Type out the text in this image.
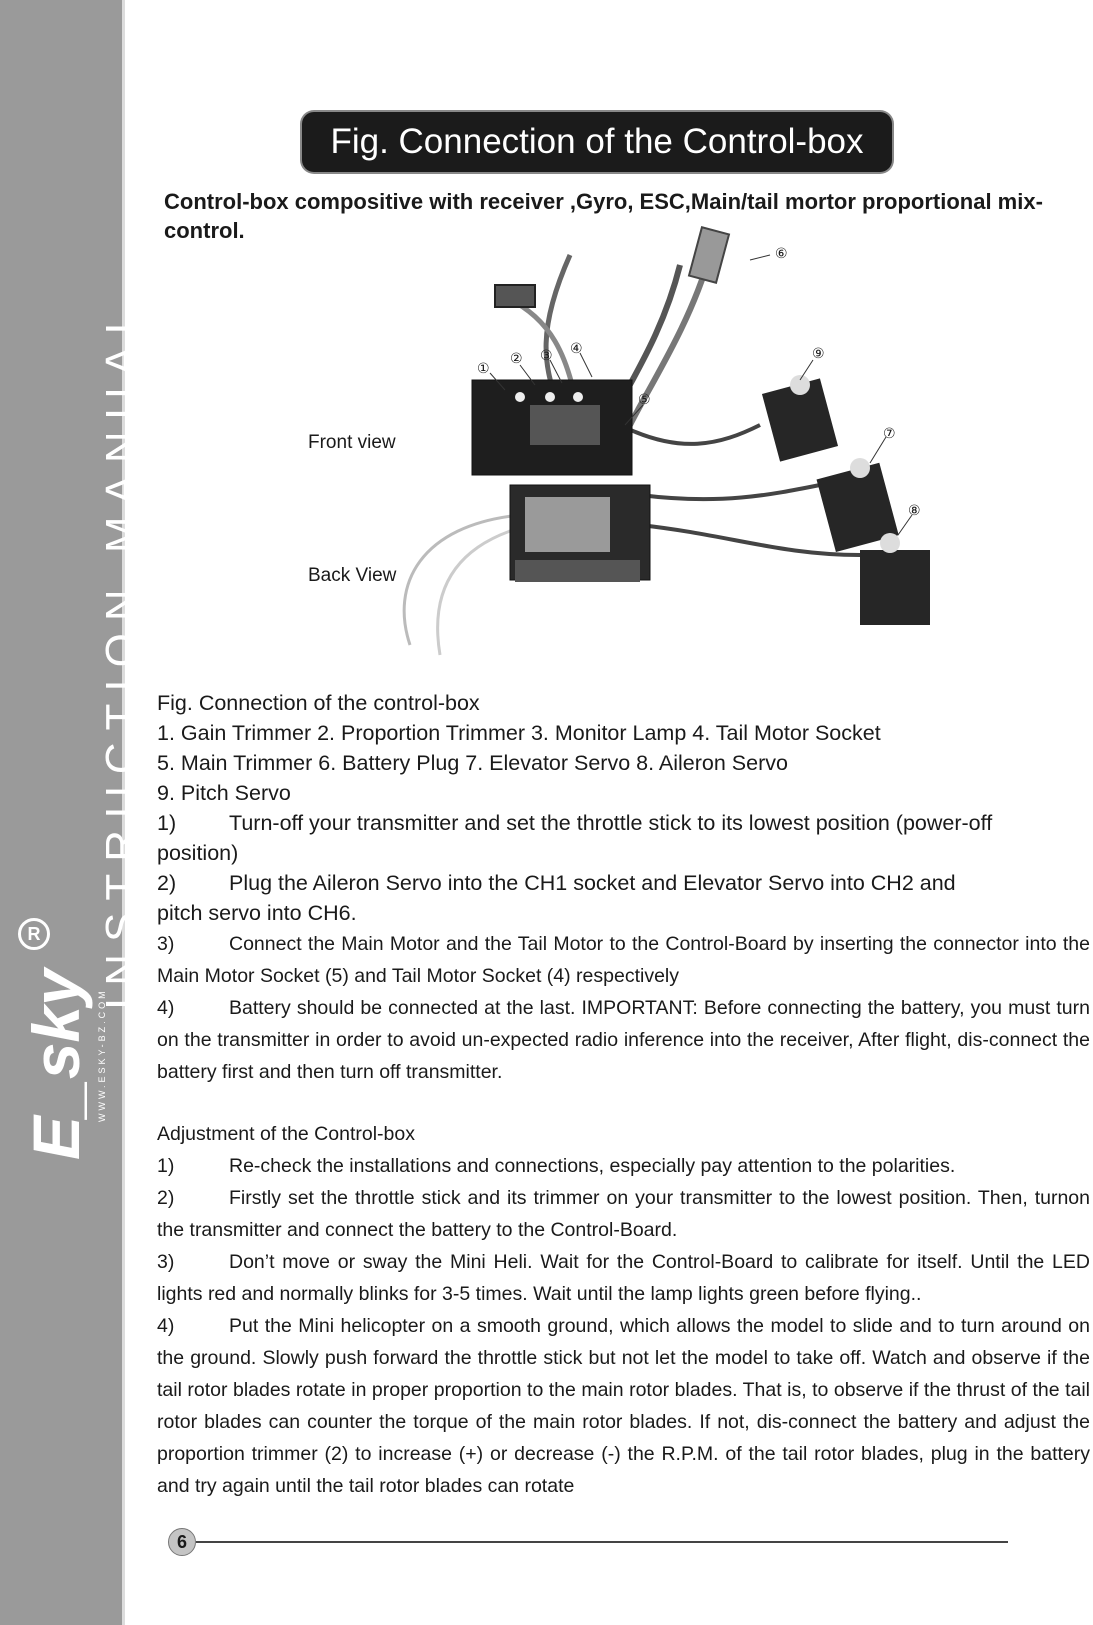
INSTRUCTION MANUAL
E_sky
R
WWW.ESKY-BZ.COM
Fig. Connection of the Control-box
Control-box compositive with receiver ,Gyro, ESC,Main/tail mortor proportional mix-control.
⑥
①
② ③ ④
⑤
⑨
⑦
⑧
Front view
Back View
Fig. Connection of the control-box
1. Gain Trimmer 2. Proportion Trimmer 3. Monitor Lamp 4. Tail Motor Socket
5. Main Trimmer 6. Battery Plug 7. Elevator Servo 8. Aileron Servo
9. Pitch Servo
1)	Turn-off your transmitter and set the throttle stick to its lowest position (power-off
position)
2)	Plug the Aileron Servo into the CH1 socket and Elevator Servo into CH2 and
pitch servo into CH6.
3)	Connect the Main Motor and the Tail Motor to the Control-Board by inserting the connector into the Main Motor Socket (5) and Tail Motor Socket (4) respectively
4)	Battery should be connected at the last. IMPORTANT: Before connecting the battery, you must turn on the transmitter in order to avoid un-expected radio inference into the receiver, After flight, dis-connect the battery first and then turn off transmitter.
Adjustment of the Control-box
1)	Re-check the installations and connections, especially pay attention to the polarities.
2)	Firstly set the throttle stick and its trimmer on your transmitter to the lowest position. Then, turnon the transmitter and connect the battery to the Control-Board.
3)	Don’t move or sway the Mini Heli. Wait for the Control-Board to calibrate for itself. Until the LED lights red and normally blinks for 3-5 times. Wait until the lamp lights green before flying..
4)	Put the Mini helicopter on a smooth ground, which allows the model to slide and to turn around on the ground. Slowly push forward the throttle stick but not let the model to take off. Watch and observe if the tail rotor blades rotate in proper proportion to the main rotor blades. That is, to observe if the thrust of the tail rotor blades can counter the torque of the main rotor blades. If not, dis-connect the battery and adjust the proportion trimmer (2) to increase (+) or decrease (-) the R.P.M. of the tail rotor blades, plug in the battery and try again until the tail rotor blades can rotate
6
